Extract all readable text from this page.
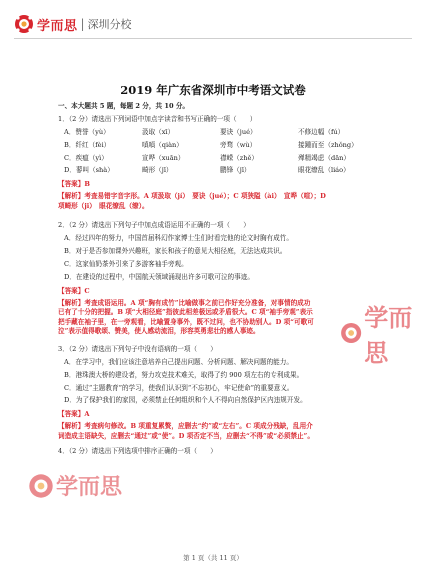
学而思 | 深圳分校
学而思
学而思
2019 年广东省深圳市中考语文试卷
一、本大题共 5 题，每题 2 分，共 10 分。
1．（2 分）请选出下列词语中加点字读音和书写正确的一项（　　）
A．赞誉（yù）	汲取（xī）	要诀（jué）	不修边幅（fú）
B．纤红（fèi）	嗔嗔（qiàn）	旁骛（wù）	接踵而至（zhǒng）
C．疾瘟（yì）	宣哗（xuān）	襟嵘（zhě）	殚精竭虑（dān）
D．蓼叫（shà）	畸形（jī）	鹏锋（jī）	眼花缭乱（liáo）
【答案】B
【解析】考查易错字音字形。A 项汲取（jí）　要诀（jué）；C 项狭隘（ài）　宣哗（喧）；D
项畸形（jī）　眼花缭乱（缭）。
2．（2 分）请选出下列句子中加点成语运用不正确的一项（　　）
A．经过四年的努力，中国首届科幻作家博士生们时看完他的论文时胸有成竹。
B．对于是否参加课外兴趣班，家长和孩子的意见大相径庭，无法达成共识。
C．这家仙奶茶外引来了多游客袖手旁观。
D．在建设的过程中，中国航天领域涌现出许多可歌可泣的事迹。
【答案】C
【解析】考查成语运用。A 项“胸有成竹”比喻做事之前已作好充分准备，对事情的成功
已有了十分的把握。B 项“大相径庭”指彼此相差极远或矛盾很大。C 项“袖手旁观”表示
把手藏在袖子里，在一旁观看，比喻置身事外，既不过问，也不协助别人。D 项“可歌可
泣”表示值得歌颂、赞美，使人感动流泪，形容英勇悲壮的感人事迹。
3．（2 分）请选出下列句子中没有语病的一项（　　）
A．在学习中，我们应该注意培养自己提出问题、分析问题、解决问题的能力。
B．港珠澳大桥的建设者，努力攻克技术难关，取得了约 900 项左右的专利成果。
C．通过“主题教育”的学习，使我们认识到“不忘初心，牢记使命”的重要意义。
D．为了保护我们的家园，必须禁止任何组织和个人不得向自然保护区内违规开发。
【答案】A
【解析】考查病句修改。B 项重复累赘，应删去“约”或“左右”。C 项成分残缺，乱用介
词造成主语缺失，应删去“通过”或“使”。D 项否定不当，应删去“不得”或“必须禁止”。
4．（2 分）请选出下列选项中排序正确的一项（　　）
第 1 页（共 11 页）
